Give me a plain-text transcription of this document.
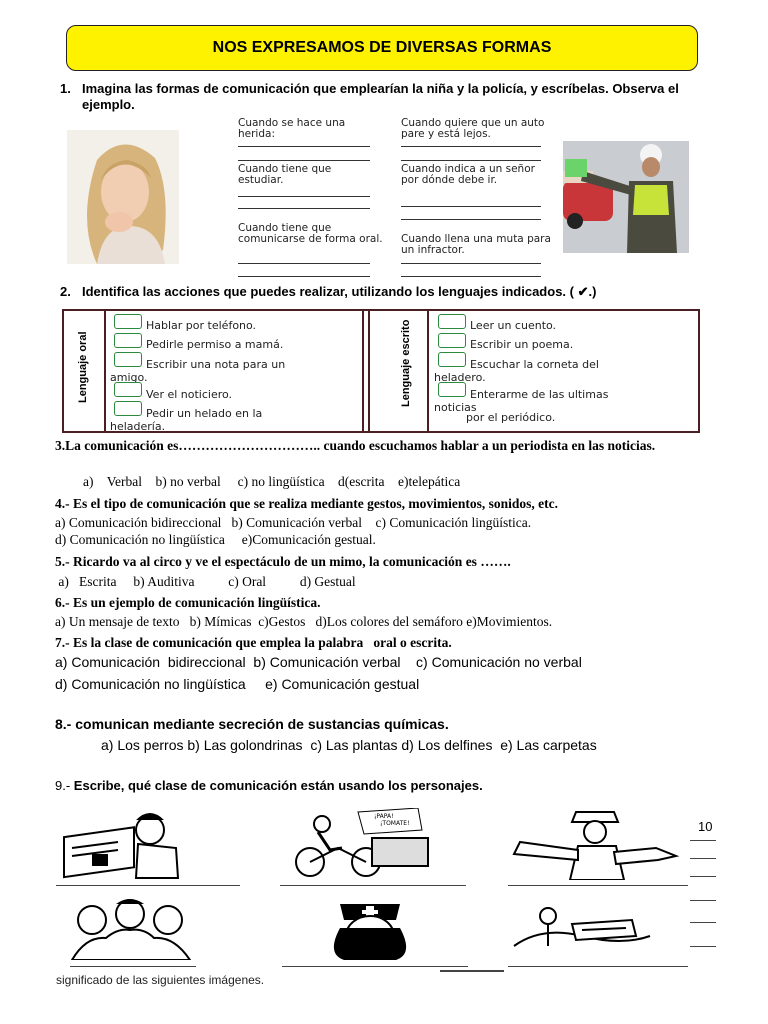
NOS EXPRESAMOS DE DIVERSAS FORMAS
1. Imagina las formas de comunicación que emplearían la niña y la policía, y escríbelas. Observa el ejemplo.
Cuando se hace una herida:
Cuando quiere que un auto pare y está lejos.
Cuando tiene que estudiar.
Cuando indica a un señor por dónde debe ir.
Cuando tiene que comunicarse de forma oral. Cuando llena una muta para un infractor.
2. Identifica las acciones que puedes realizar, utilizando los lenguajes indicados. ( ✔.)
Lenguaje oral	Lenguaje escrito
Hablar por teléfono.
Pedirle permiso a mamá.
Escribir una nota para un
amigo.
Ver el noticiero.
Pedir un helado en la
heladería.
Leer un cuento.
Escribir un poema.
Escuchar la corneta del
heladero.
Enterarme de las ultimas
noticias
por el periódico.
3.La comunicación es………………………….. cuando escuchamos hablar a un periodista en las noticias.
a)    Verbal    b) no verbal     c) no lingüística    d(escrita    e)telepática
4.- Es el tipo de comunicación que se realiza mediante gestos, movimientos, sonidos, etc.
a) Comunicación bidireccional   b) Comunicación verbal    c) Comunicación lingüística.
d) Comunicación no lingüística     e)Comunicación gestual.
5.- Ricardo va al circo y ve el espectáculo de un mimo, la comunicación es …….
a)   Escrita     b) Auditiva          c) Oral          d) Gestual
6.- Es un ejemplo de comunicación lingüística.
a) Un mensaje de texto   b) Mímicas  c)Gestos   d)Los colores del semáforo e)Movimientos.
7.- Es la clase de comunicación que emplea la palabra   oral o escrita.
a) Comunicación  bidireccional  b) Comunicación verbal    c) Comunicación no verbal
d) Comunicación no lingüística     e) Comunicación gestual
8.- comunican mediante secreción de sustancias químicas.
a) Los perros b) Las golondrinas  c) Las plantas d) Los delfines  e) Las carpetas
9.- Escribe, qué clase de comunicación están usando los personajes.
¡PAPA!
¡TOMATE!	10
significado de las siguientes imágenes.
